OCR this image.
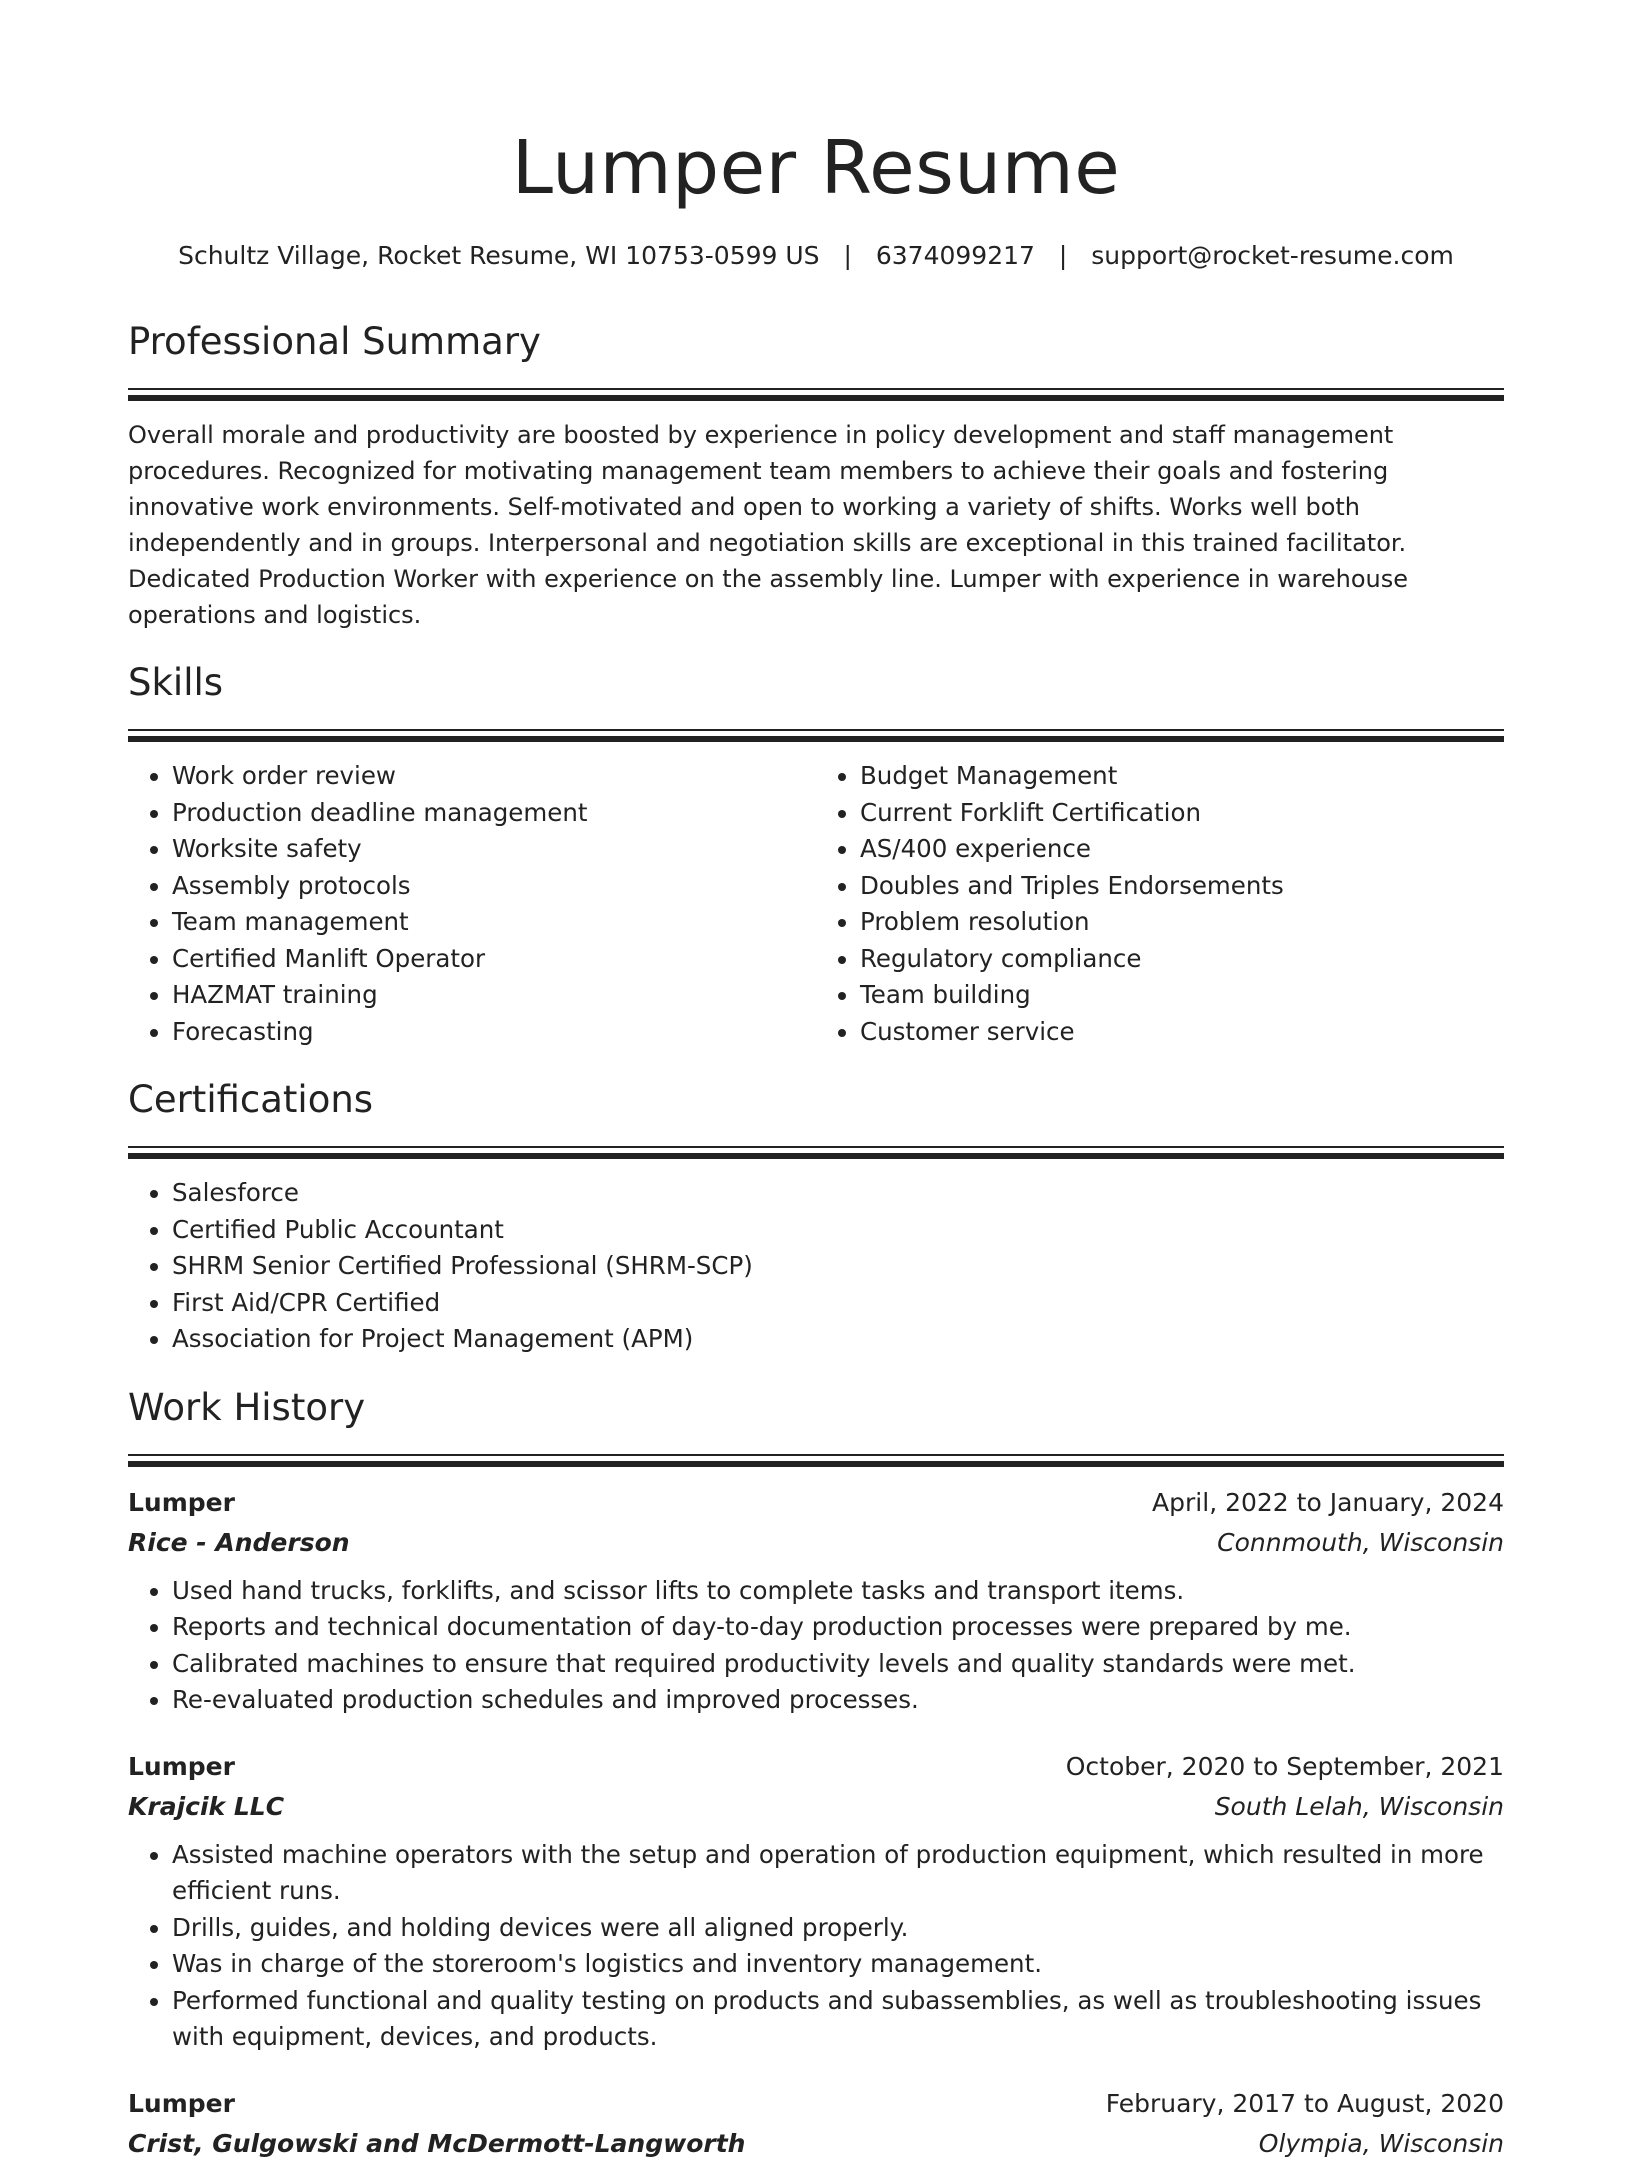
Lumper Resume
Schultz Village, Rocket Resume, WI 10753-0599 US | 6374099217 | support@rocket-resume.com
Professional Summary

Overall morale and productivity are boosted by experience in policy development and staff management procedures. Recognized for motivating management team members to achieve their goals and fostering innovative work environments. Self-motivated and open to working a variety of shifts. Works well both independently and in groups. Interpersonal and negotiation skills are exceptional in this trained facilitator. Dedicated Production Worker with experience on the assembly line. Lumper with experience in warehouse operations and logistics.

Skills
• Work order review
• Production deadline management
• Worksite safety
• Assembly protocols
• Team management
• Certified Manlift Operator
• HAZMAT training
• Forecasting
• Budget Management
• Current Forklift Certification
• AS/400 experience
• Doubles and Triples Endorsements
• Problem resolution
• Regulatory compliance
• Team building
• Customer service
Certifications
• Salesforce
• Certified Public Accountant
• SHRM Senior Certified Professional (SHRM-SCP)
• First Aid/CPR Certified
• Association for Project Management (APM)
Work History
Lumper	April, 2022 to January, 2024
Rice - Anderson	Connmouth, Wisconsin
• Used hand trucks, forklifts, and scissor lifts to complete tasks and transport items.
• Reports and technical documentation of day-to-day production processes were prepared by me.
• Calibrated machines to ensure that required productivity levels and quality standards were met.
• Re-evaluated production schedules and improved processes.
Lumper	October, 2020 to September, 2021
Krajcik LLC	South Lelah, Wisconsin
• Assisted machine operators with the setup and operation of production equipment, which resulted in more efficient runs.
• Drills, guides, and holding devices were all aligned properly.
• Was in charge of the storeroom's logistics and inventory management.
• Performed functional and quality testing on products and subassemblies, as well as troubleshooting issues with equipment, devices, and products.
Lumper	February, 2017 to August, 2020
Crist, Gulgowski and McDermott-Langworth	Olympia, Wisconsin
